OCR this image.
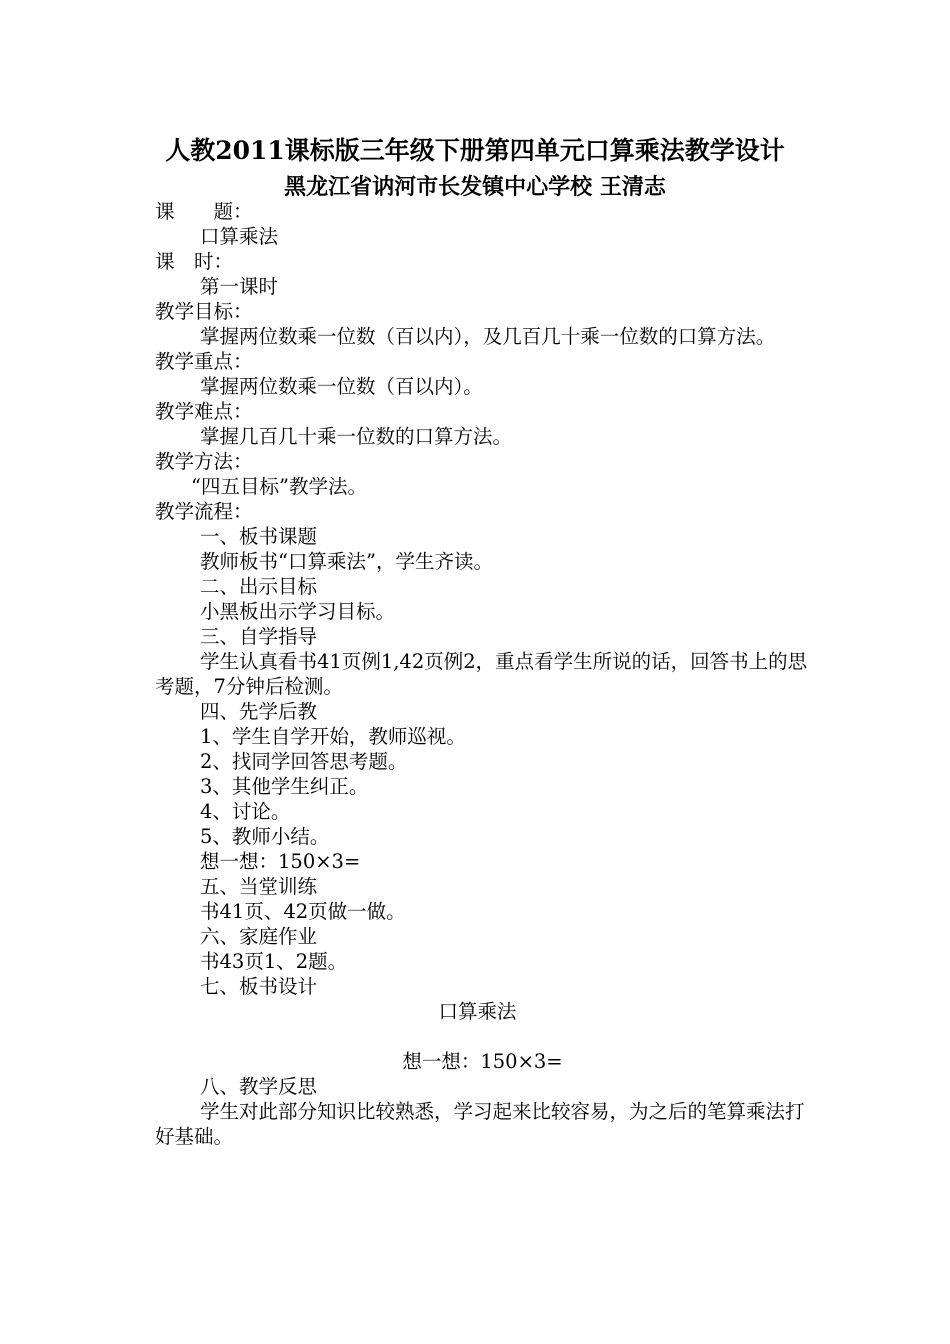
人教2011课标版三年级下册第四单元口算乘法教学设计
黑龙江省讷河市长发镇中心学校 王清志
课　　题：
口算乘法
课　时：
第一课时
教学目标：
掌握两位数乘一位数（百以内），及几百几十乘一位数的口算方法。
教学重点：
掌握两位数乘一位数（百以内）。
教学难点：
掌握几百几十乘一位数的口算方法。
教学方法：
“四五目标”教学法。
教学流程：
一、板书课题
教师板书“口算乘法”，学生齐读。
二、出示目标
小黑板出示学习目标。
三、自学指导
学生认真看书41页例1,42页例2，重点看学生所说的话，回答书上的思考题，7分钟后检测。
四、先学后教
1、学生自学开始，教师巡视。
2、找同学回答思考题。
3、其他学生纠正。
4、讨论。
5、教师小结。
想一想：150×3=
五、当堂训练
书41页、42页做一做。
六、家庭作业
书43页1、2题。
七、板书设计
口算乘法
想一想：150×3=
八、教学反思
学生对此部分知识比较熟悉，学习起来比较容易，为之后的笔算乘法打好基础。
